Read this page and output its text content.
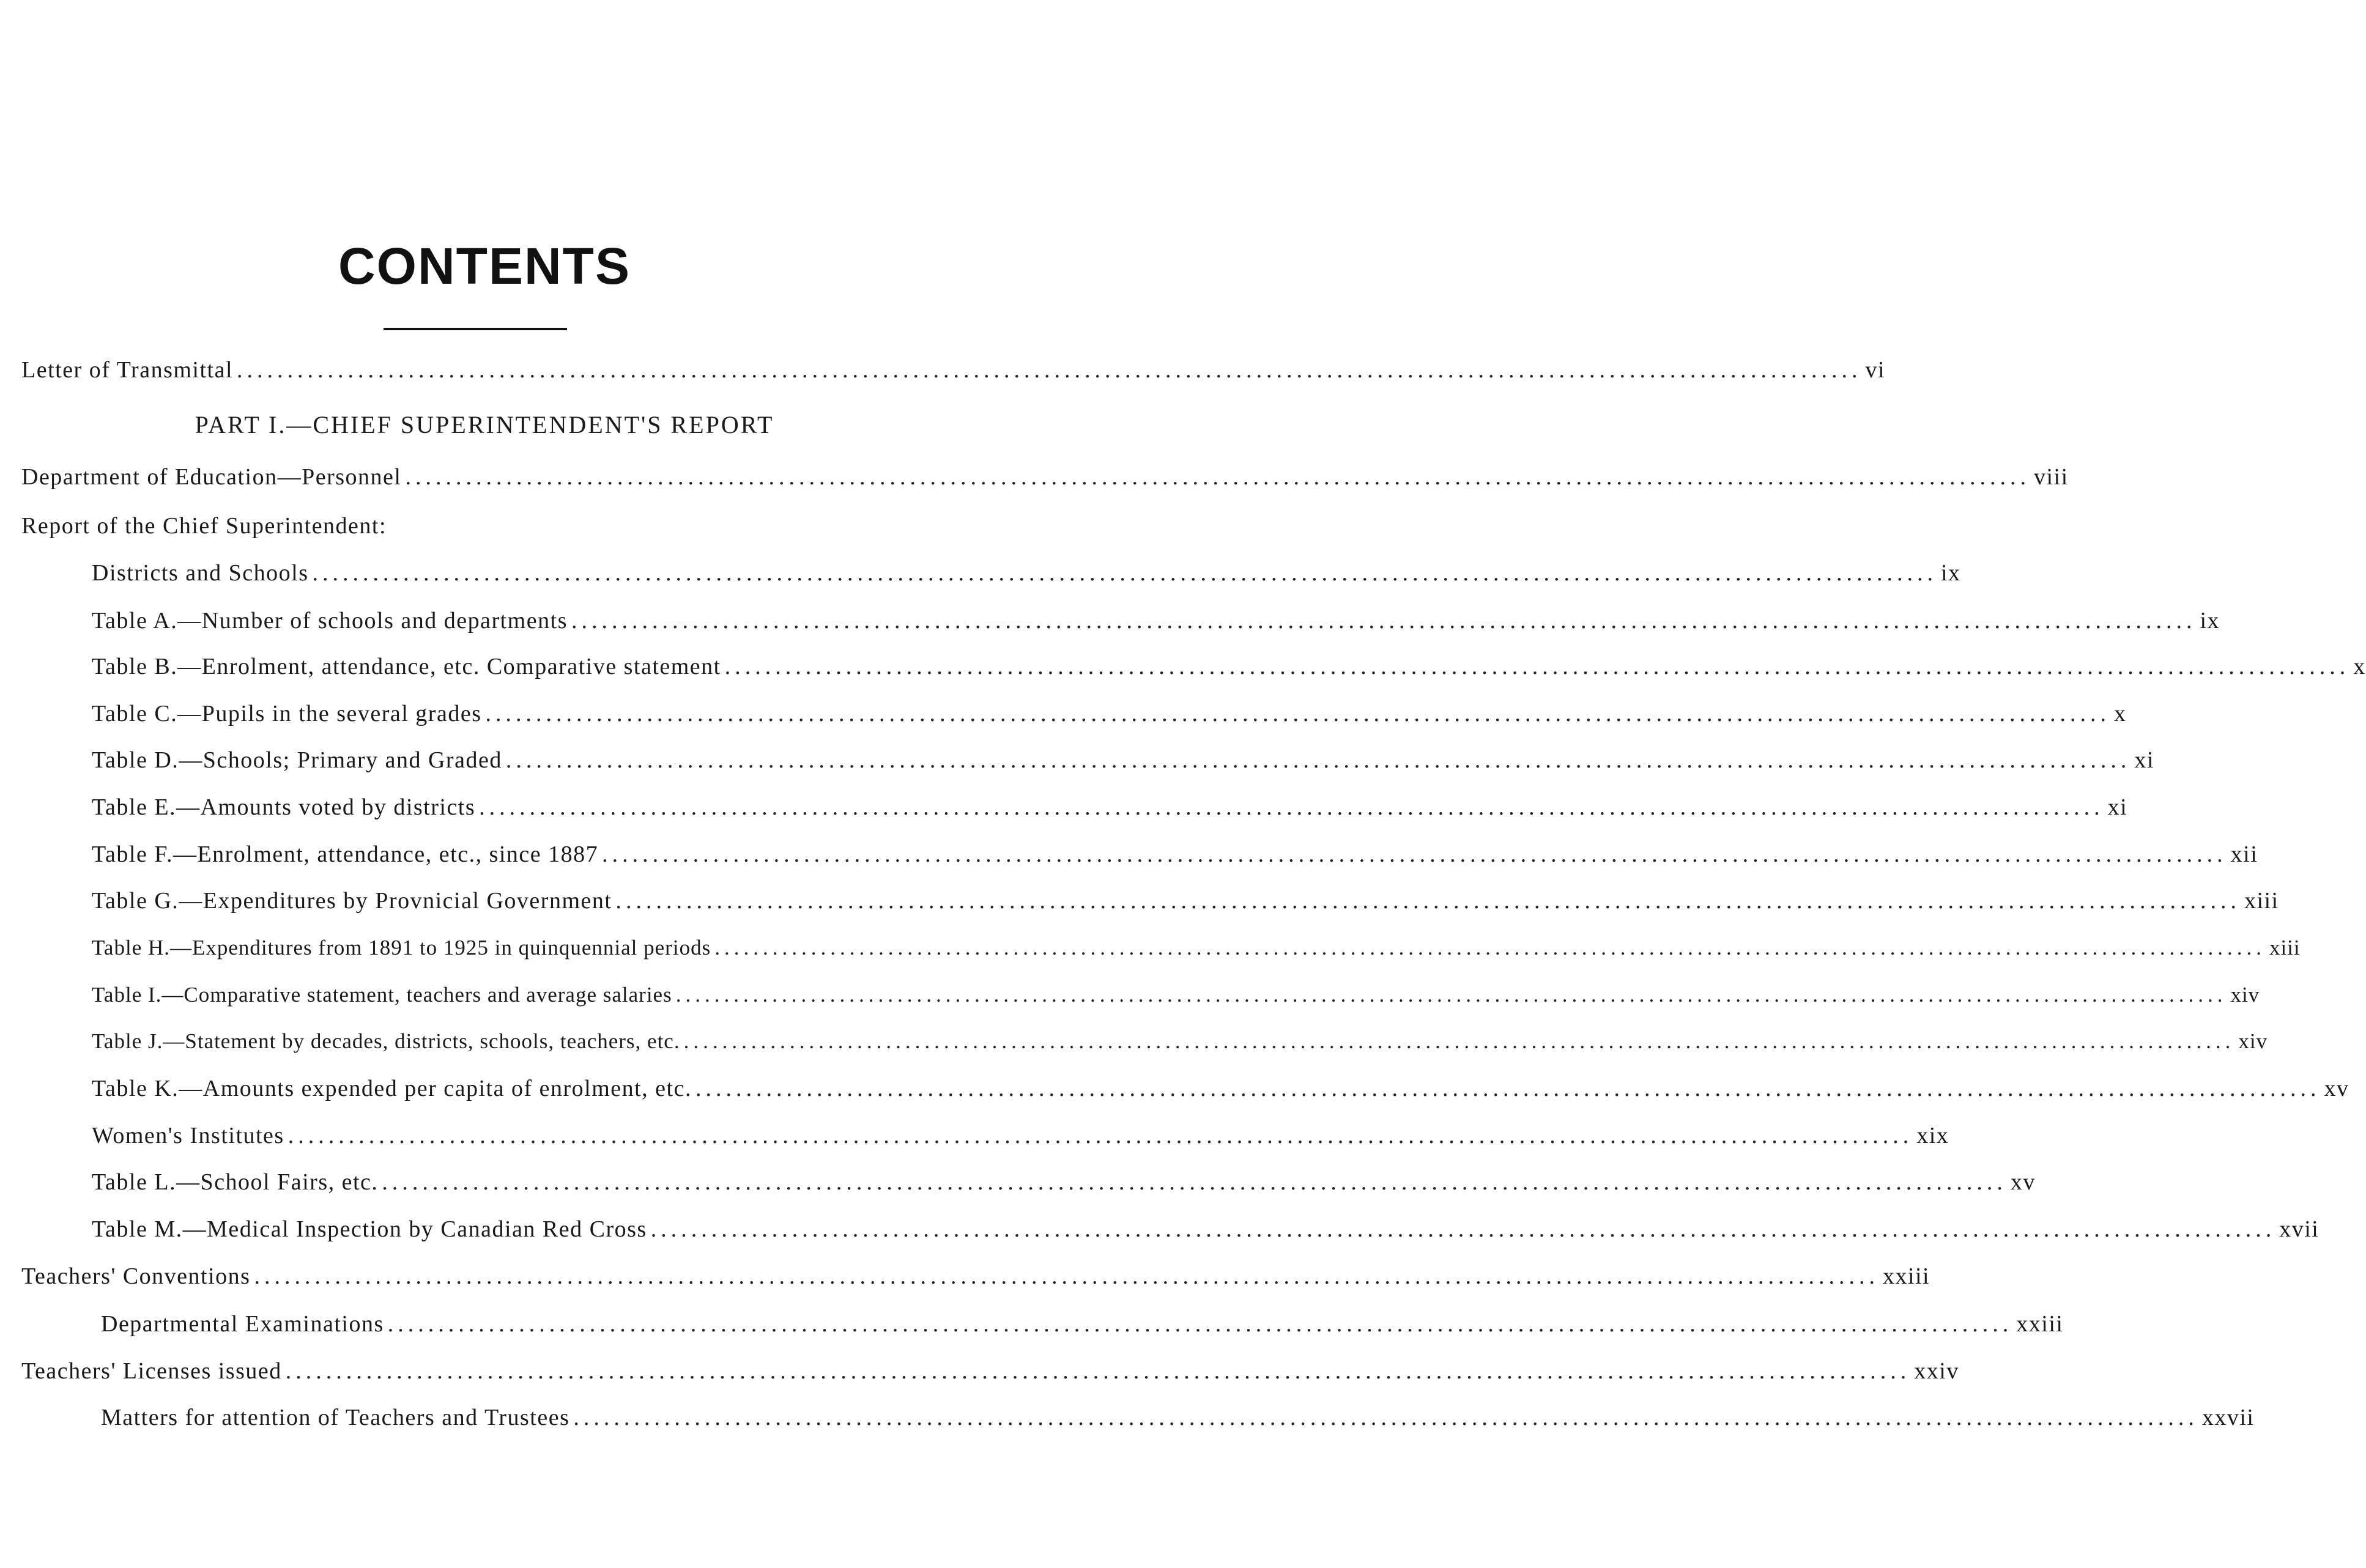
CONTENTS
Letter of Transmittal ................................................................................................................................................................. vi
PART I.—CHIEF SUPERINTENDENT'S REPORT
Department of Education—Personnel ................................................................................................................................................................. viii
Report of the Chief Superintendent:
Districts and Schools ................................................................................................................................................................. ix
Table A.—Number of schools and departments ................................................................................................................................................................. ix
Table B.—Enrolment, attendance, etc. Comparative statement ................................................................................................................................................................. x
Table C.—Pupils in the several grades ................................................................................................................................................................. x
Table D.—Schools; Primary and Graded ................................................................................................................................................................. xi
Table E.—Amounts voted by districts ................................................................................................................................................................. xi
Table F.—Enrolment, attendance, etc., since 1887 ................................................................................................................................................................. xii
Table G.—Expenditures by Provnicial Government ................................................................................................................................................................. xiii
Table H.—Expenditures from 1891 to 1925 in quinquennial periods ................................................................................................................................................................. xiii
Table I.—Comparative statement, teachers and average salaries ................................................................................................................................................................. xiv
Table J.—Statement by decades, districts, schools, teachers, etc. ................................................................................................................................................................. xiv
Table K.—Amounts expended per capita of enrolment, etc. ................................................................................................................................................................. xv
Women's Institutes ................................................................................................................................................................. xix
Table L.—School Fairs, etc. ................................................................................................................................................................. xv
Table M.—Medical Inspection by Canadian Red Cross ................................................................................................................................................................. xvii
Teachers' Conventions ................................................................................................................................................................. xxiii
Departmental Examinations ................................................................................................................................................................. xxiii
Teachers' Licenses issued ................................................................................................................................................................. xxiv
Matters for attention of Teachers and Trustees ................................................................................................................................................................. xxvii
